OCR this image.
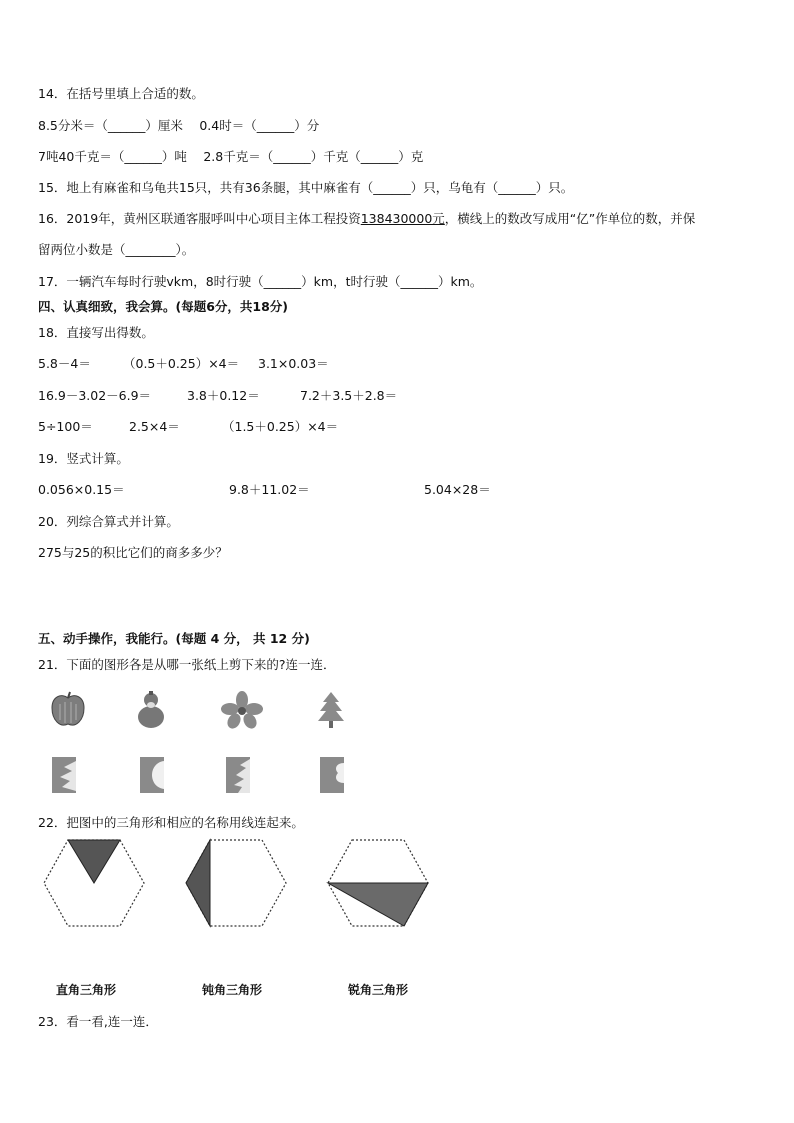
14．在括号里填上合适的数。
8.5分米＝（______）厘米　 0.4时＝（______）分
7吨40千克＝（______）吨　 2.8千克＝（______）千克（______）克
15．地上有麻雀和乌龟共15只，共有36条腿，其中麻雀有（______）只，乌龟有（______）只。
16．2019年，黄州区联通客服呼叫中心项目主体工程投资138430000元，横线上的数改写成用“亿”作单位的数，并保
留两位小数是（________）。
17．一辆汽车每时行驶vkm，8时行驶（______）km，t时行驶（______）km。
四、认真细致，我会算。(每题6分，共18分)
18．直接写出得数。
5.8－4＝	（0.5＋0.25）×4＝ 3.1×0.03＝
16.9－3.02－6.9＝	3.8＋0.12＝	7.2＋3.5＋2.8＝
5÷100＝	2.5×4＝	（1.5＋0.25）×4＝
19．竖式计算。
0.056×0.15＝	9.8＋11.02＝	5.04×28＝
20．列综合算式并计算。
275与25的积比它们的商多多少？
五、动手操作，我能行。(每题 4 分， 共 12 分)
21．下面的图形各是从哪一张纸上剪下来的?连一连．
22．把图中的三角形和相应的名称用线连起来。
直角三角形	钝角三角形	锐角三角形
23．看一看,连一连．
